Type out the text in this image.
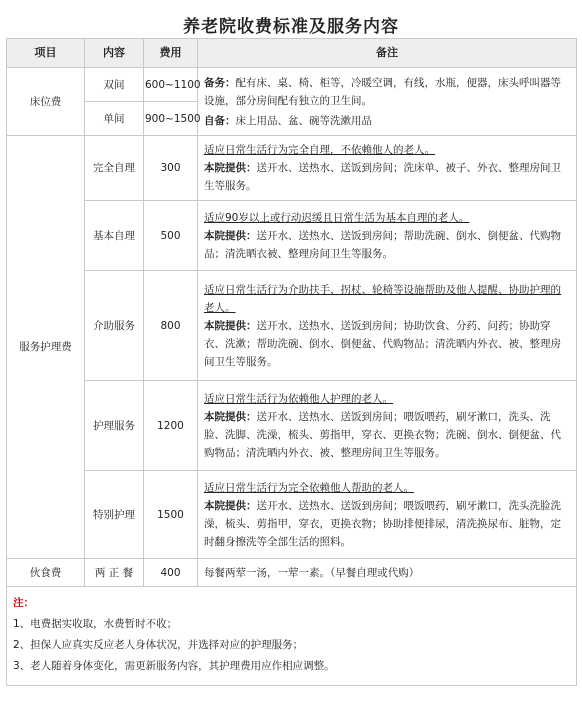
养老院收费标准及服务内容
项目	内容	费用	备注
床位费	双间	600~1100	备务：配有床、桌、椅、柜等，冷暖空调，有线，水瓶，便器，床头呼叫器等设施，部分房间配有独立的卫生间。

自备：床上用品、盆、碗等洗漱用品

	单间	900~1500	
服务护理费	完全自理	300	适应日常生活行为完全自理，不依赖他人的老人。

本院提供：送开水、送热水、送饭到房间；洗床单、被子、外衣、整理房间卫生等服务。

	基本自理	500	适应90岁以上或行动迟缓且日常生活为基本自理的老人。

本院提供：送开水、送热水、送饭到房间；帮助洗碗、倒水、倒便盆、代购物品；清洗晒衣被、整理房间卫生等服务。

	介助服务	800	适应日常生活行为介助扶手、拐杖、轮椅等设施帮助及他人提醒、协助护理的老人。

本院提供：送开水、送热水、送饭到房间；协助饮食、分药、问药；协助穿衣、洗漱；帮助洗碗、倒水、倒便盆、代购物品；清洗晒内外衣、被、整理房间卫生等服务。

	护理服务	1200	适应日常生活行为依赖他人护理的老人。

本院提供：送开水、送热水、送饭到房间；喂饭喂药，刷牙漱口，洗头、洗脸、洗脚、洗澡，梳头、剪指甲，穿衣、更换衣物；洗碗、倒水、倒便盆、代购物品；清洗晒内外衣、被、整理房间卫生等服务。

	特别护理	1500	适应日常生活行为完全依赖他人帮助的老人。

本院提供：送开水、送热水、送饭到房间；喂饭喂药，刷牙漱口，洗头洗脸洗澡，梳头、剪指甲，穿衣，更换衣物；协助排便排尿，清洗换尿布、脏物，定时翻身擦洗等全部生活的照料。

伙食费	两 正 餐	400	每餐两荤一汤，一荤一素。（早餐自理或代购）

注：
1、电费据实收取，水费暂时不收；
2、担保人应真实反应老人身体状况，并选择对应的护理服务；
3、老人随着身体变化，需更新服务内容，其护理费用应作相应调整。			
